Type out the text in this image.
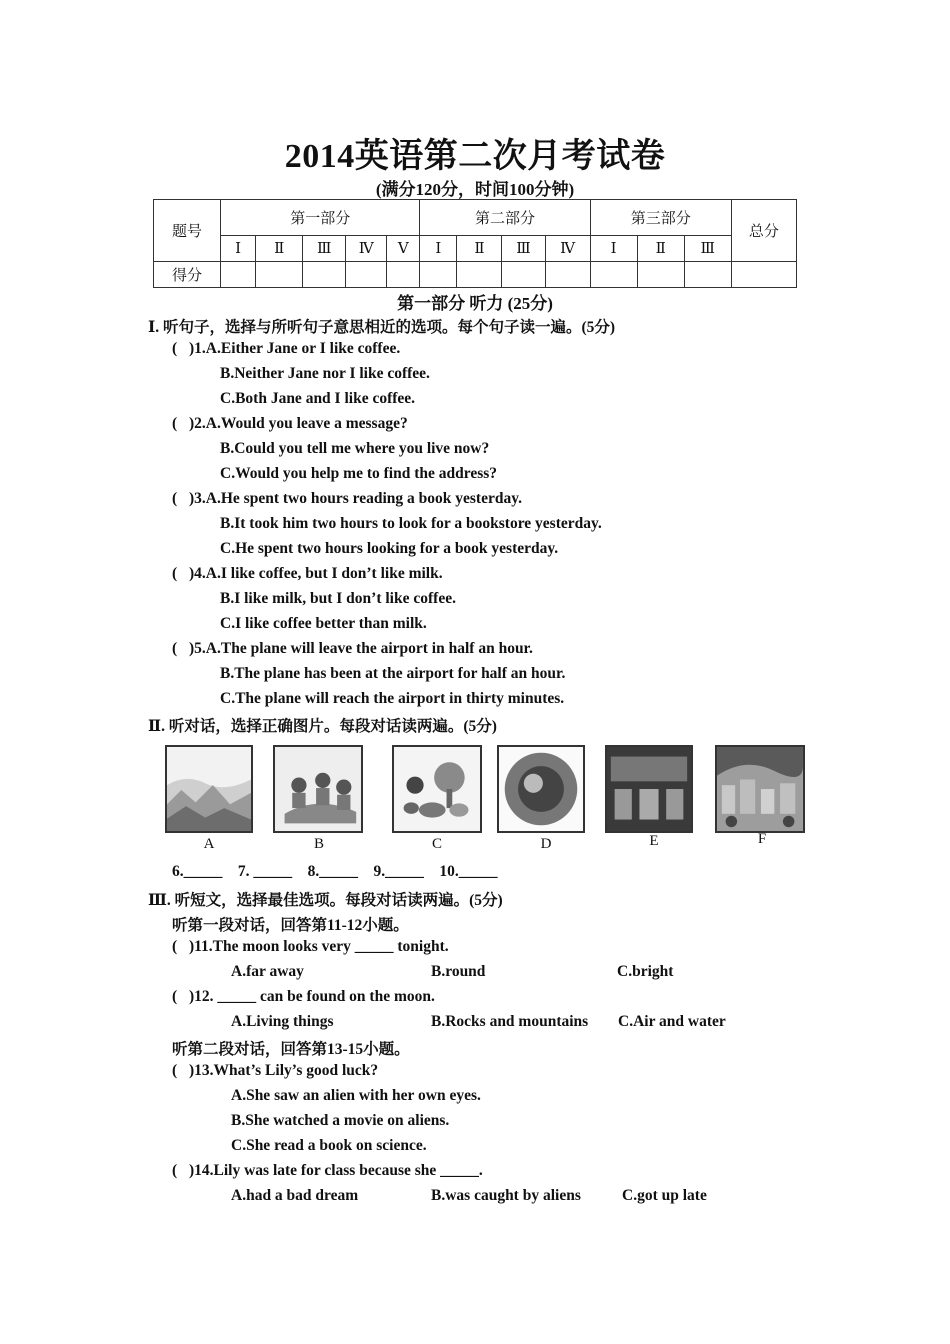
2014英语第二次月考试卷
(满分120分，时间100分钟)
题号	第一部分					第二部分				第三部分			总分
	Ⅰ	Ⅱ	Ⅲ	Ⅳ	Ⅴ	Ⅰ	Ⅱ	Ⅲ	Ⅳ	Ⅰ	Ⅱ	Ⅲ	
得分													
第一部分 听力 (25分)
Ⅰ. 听句子，选择与所听句子意思相近的选项。每个句子读一遍。(5分)
( )1.A.Either Jane or I like coffee.
B.Neither Jane nor I like coffee.
C.Both Jane and I like coffee.
( )2.A.Would you leave a message?
B.Could you tell me where you live now?
C.Would you help me to find the address?
( )3.A.He spent two hours reading a book yesterday.
B.It took him two hours to look for a bookstore yesterday.
C.He spent two hours looking for a book yesterday.
( )4.A.I like coffee, but I don’t like milk.
B.I like milk, but I don’t like coffee.
C.I like coffee better than milk.
( )5.A.The plane will leave the airport in half an hour.
B.The plane has been at the airport for half an hour.
C.The plane will reach the airport in thirty minutes.
Ⅱ. 听对话，选择正确图片。每段对话读两遍。(5分)
A	B	C	D	E	F
6._____    7. _____    8._____    9._____    10._____
Ⅲ. 听短文，选择最佳选项。每段对话读两遍。(5分)
听第一段对话，回答第11-12小题。
( )11.The moon looks very _____ tonight.
A.far away	B.round	C.bright
( )12. _____ can be found on the moon.
A.Living things	B.Rocks and mountains C.Air and water
听第二段对话，回答第13-15小题。
( )13.What’s Lily’s good luck?
A.She saw an alien with her own eyes.
B.She watched a movie on aliens.
C.She read a book on science.
( )14.Lily was late for class because she _____.
A.had a bad dream	B.was caught by aliens	C.got up late
